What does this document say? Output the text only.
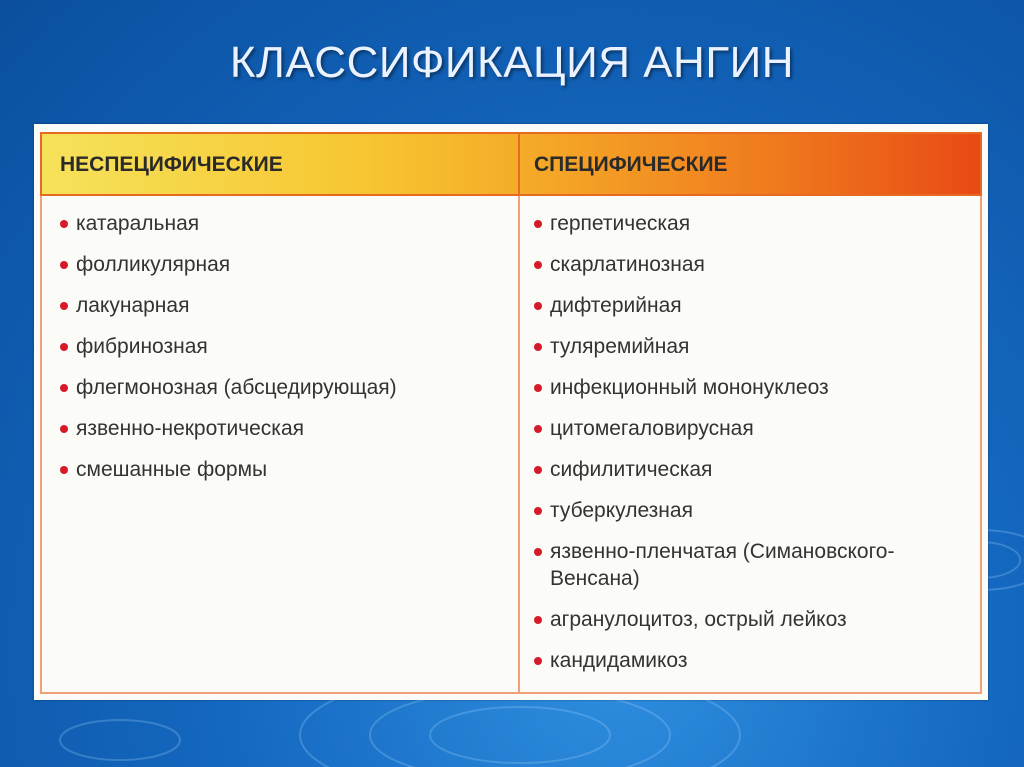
КЛАССИФИКАЦИЯ АНГИН
НЕСПЕЦИФИЧЕСКИЕ	СПЕЦИФИЧЕСКИЕ
катаральная
фолликулярная
лакунарная
фибринозная
флегмонозная (абсцедирующая)
язвенно-некротическая
смешанные формы
герпетическая
скарлатинозная
дифтерийная
туляремийная
инфекционный мононуклеоз
цитомегаловирусная
сифилитическая
туберкулезная
язвенно-пленчатая (Симановского-Венсана)
агранулоцитоз, острый лейкоз
кандидамикоз
